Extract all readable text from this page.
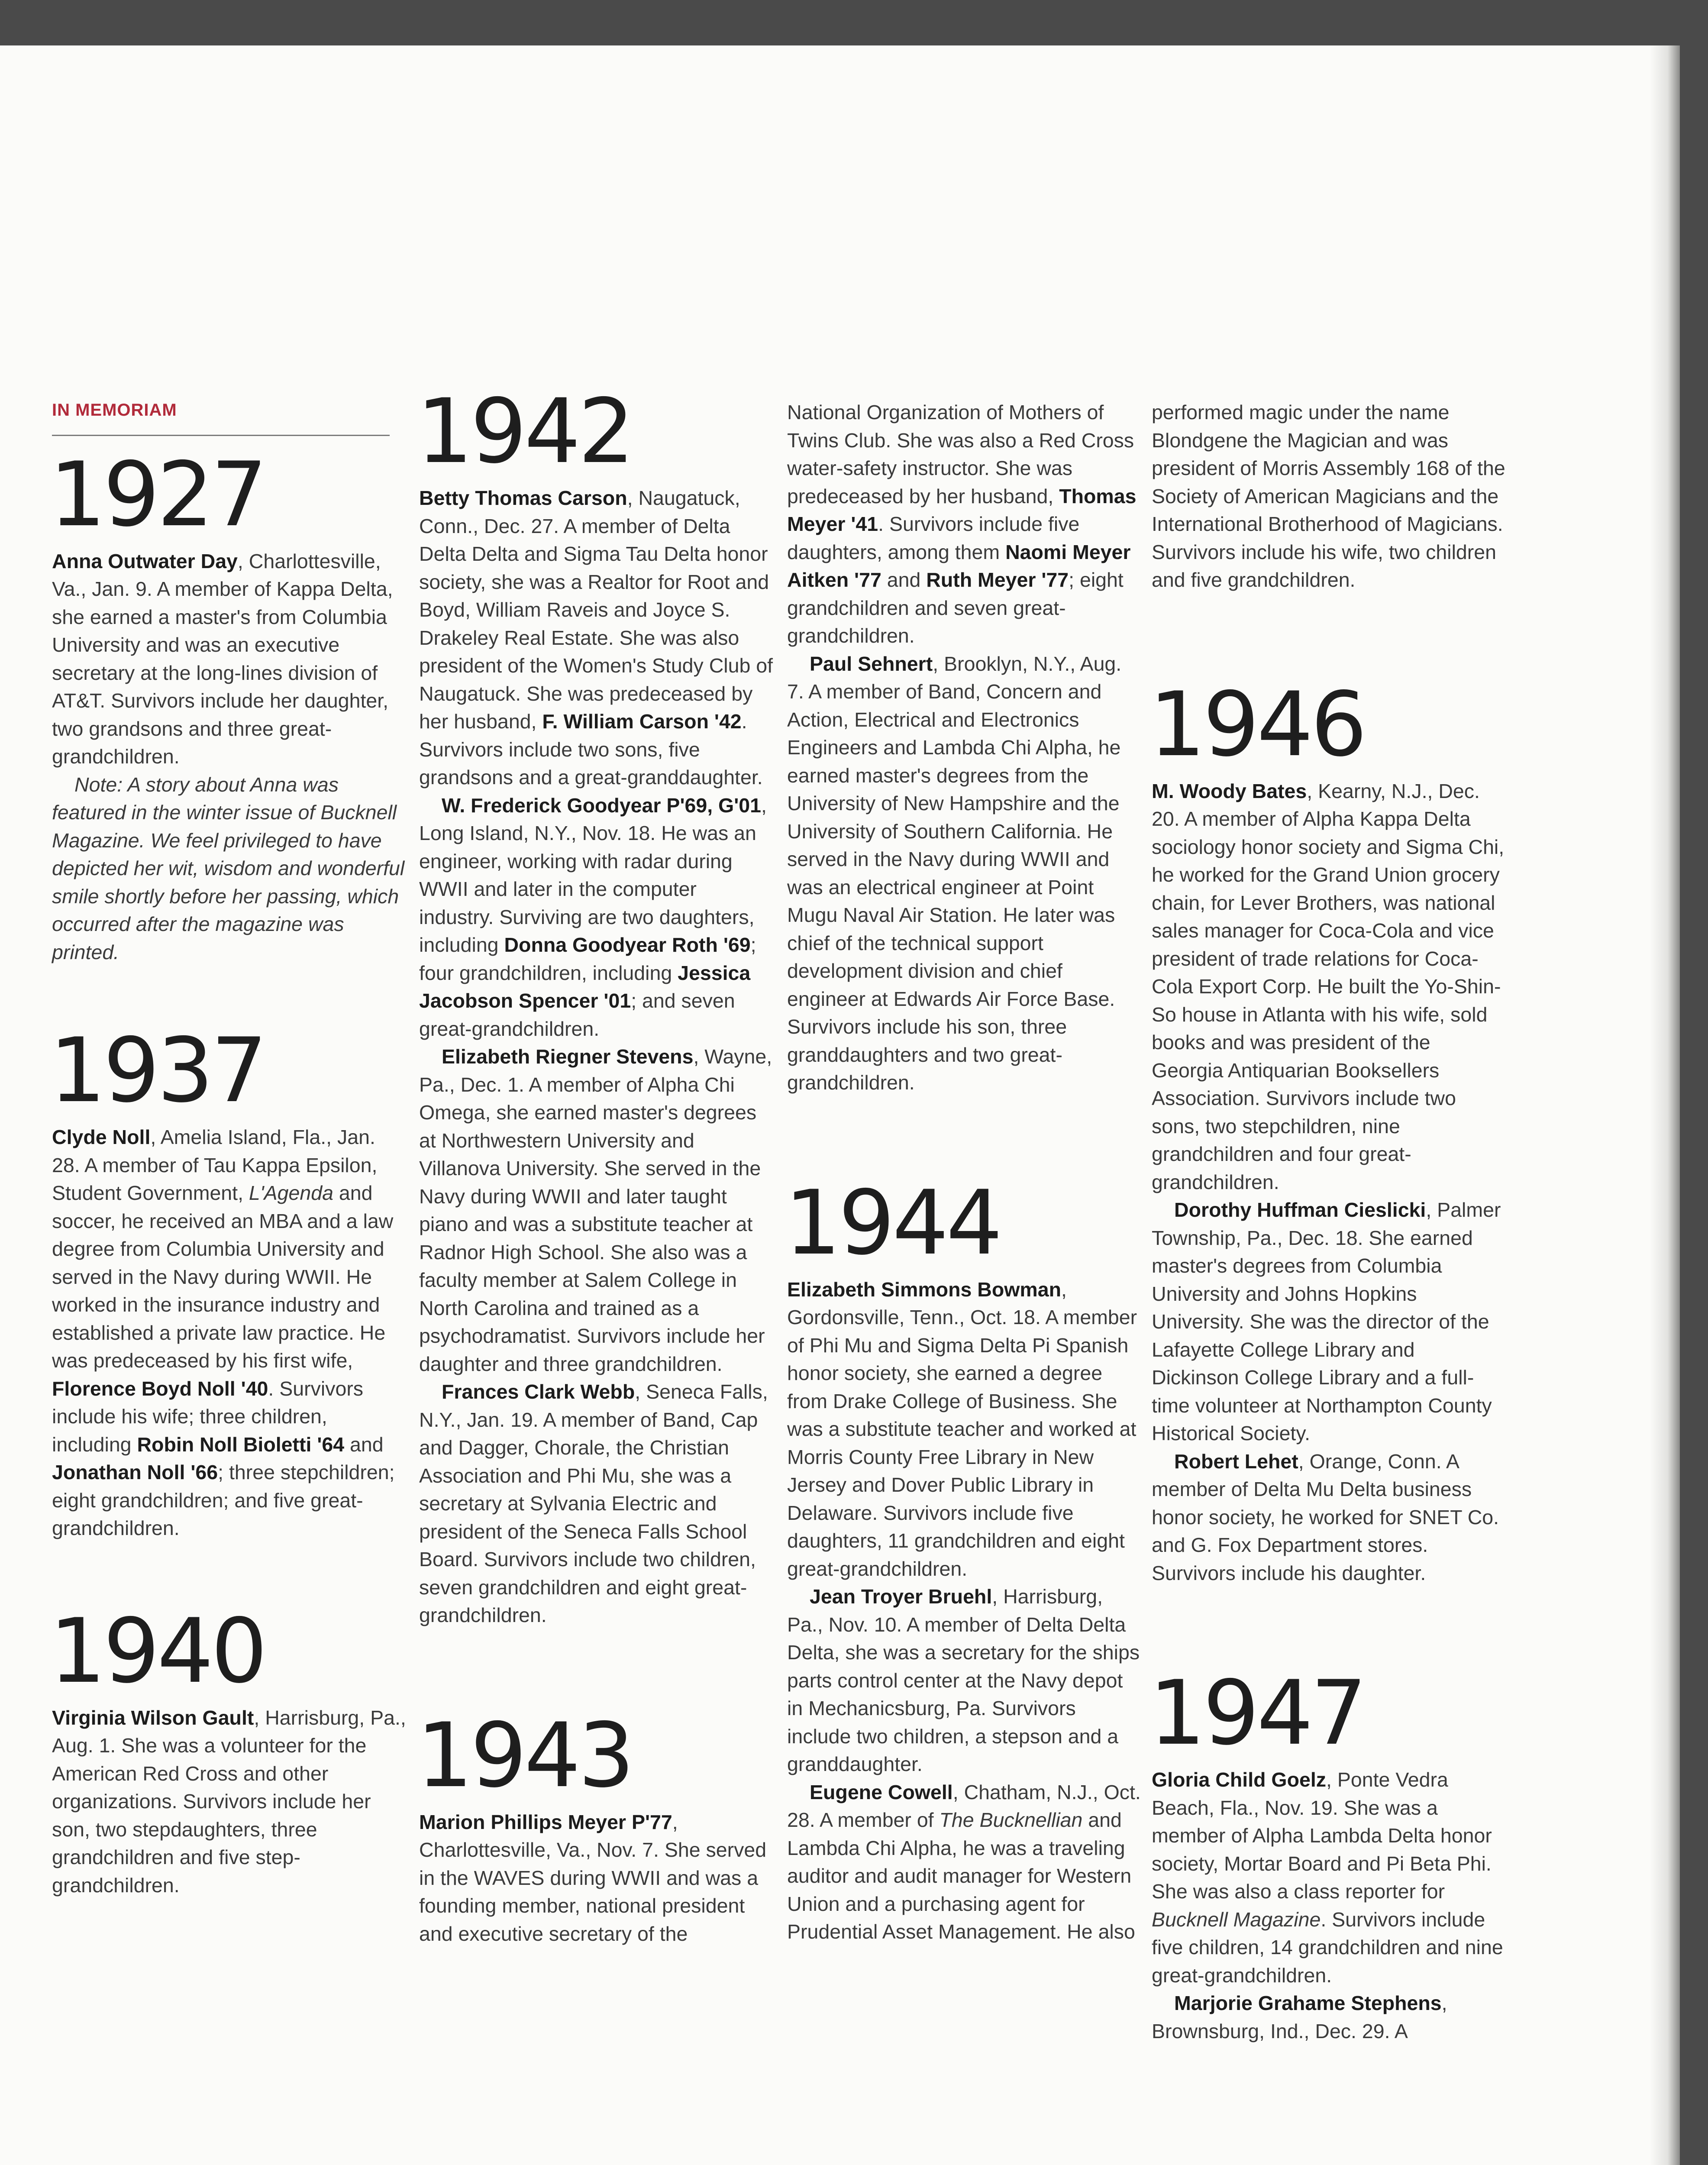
IN MEMORIAM
1927

Anna Outwater Day, Charlottesville, Va., Jan. 9. A member of Kappa Delta, she earned a master's from Columbia University and was an executive secretary at the long-lines division of AT&T. Survivors include her daughter, two grandsons and three great-grandchildren.

Note: A story about Anna was featured in the winter issue of Bucknell Magazine. We feel privileged to have depicted her wit, wisdom and wonderful smile shortly before her passing, which occurred after the magazine was printed.

1937

Clyde Noll, Amelia Island, Fla., Jan. 28. A member of Tau Kappa Epsilon, Student Government, L'Agenda and soccer, he received an MBA and a law degree from Columbia University and served in the Navy during WWII. He worked in the insurance industry and established a private law practice. He was predeceased by his first wife, Florence Boyd Noll '40. Survivors include his wife; three children, including Robin Noll Bioletti '64 and Jonathan Noll '66; three stepchildren; eight grandchildren; and five great-grandchildren.

1940

Virginia Wilson Gault, Harrisburg, Pa., Aug. 1. She was a volunteer for the American Red Cross and other organizations. Survivors include her son, two stepdaughters, three grandchildren and five step-grandchildren.

1942

Betty Thomas Carson, Naugatuck, Conn., Dec. 27. A member of Delta Delta Delta and Sigma Tau Delta honor society, she was a Realtor for Root and Boyd, William Raveis and Joyce S. Drakeley Real Estate. She was also president of the Women's Study Club of Naugatuck. She was predeceased by her husband, F. William Carson '42. Survivors include two sons, five grandsons and a great-granddaughter.

W. Frederick Goodyear P'69, G'01, Long Island, N.Y., Nov. 18. He was an engineer, working with radar during WWII and later in the computer industry. Surviving are two daughters, including Donna Goodyear Roth '69; four grandchildren, including Jessica Jacobson Spencer '01; and seven great-grandchildren.

Elizabeth Riegner Stevens, Wayne, Pa., Dec. 1. A member of Alpha Chi Omega, she earned master's degrees at Northwestern University and Villanova University. She served in the Navy during WWII and later taught piano and was a substitute teacher at Radnor High School. She also was a faculty member at Salem College in North Carolina and trained as a psychodramatist. Survivors include her daughter and three grandchildren.

Frances Clark Webb, Seneca Falls, N.Y., Jan. 19. A member of Band, Cap and Dagger, Chorale, the Christian Association and Phi Mu, she was a secretary at Sylvania Electric and president of the Seneca Falls School Board. Survivors include two children, seven grandchildren and eight great-grandchildren.

1943

Marion Phillips Meyer P'77, Charlottesville, Va., Nov. 7. She served in the WAVES during WWII and was a founding member, national president and executive secretary of the

National Organization of Mothers of Twins Club. She was also a Red Cross water-safety instructor. She was predeceased by her husband, Thomas Meyer '41. Survivors include five daughters, among them Naomi Meyer Aitken '77 and Ruth Meyer '77; eight grandchildren and seven great-grandchildren.

Paul Sehnert, Brooklyn, N.Y., Aug. 7. A member of Band, Concern and Action, Electrical and Electronics Engineers and Lambda Chi Alpha, he earned master's degrees from the University of New Hampshire and the University of Southern California. He served in the Navy during WWII and was an electrical engineer at Point Mugu Naval Air Station. He later was chief of the technical support development division and chief engineer at Edwards Air Force Base. Survivors include his son, three granddaughters and two great-grandchildren.

1944

Elizabeth Simmons Bowman, Gordonsville, Tenn., Oct. 18. A member of Phi Mu and Sigma Delta Pi Spanish honor society, she earned a degree from Drake College of Business. She was a substitute teacher and worked at Morris County Free Library in New Jersey and Dover Public Library in Delaware. Survivors include five daughters, 11 grandchildren and eight great-grandchildren.

Jean Troyer Bruehl, Harrisburg, Pa., Nov. 10. A member of Delta Delta Delta, she was a secretary for the ships parts control center at the Navy depot in Mechanicsburg, Pa. Survivors include two children, a stepson and a granddaughter.

Eugene Cowell, Chatham, N.J., Oct. 28. A member of The Bucknellian and Lambda Chi Alpha, he was a traveling auditor and audit manager for Western Union and a purchasing agent for Prudential Asset Management. He also

performed magic under the name Blondgene the Magician and was president of Morris Assembly 168 of the Society of American Magicians and the International Brotherhood of Magicians. Survivors include his wife, two children and five grandchildren.

1946

M. Woody Bates, Kearny, N.J., Dec. 20. A member of Alpha Kappa Delta sociology honor society and Sigma Chi, he worked for the Grand Union grocery chain, for Lever Brothers, was national sales manager for Coca-Cola and vice president of trade relations for Coca-Cola Export Corp. He built the Yo-Shin-So house in Atlanta with his wife, sold books and was president of the Georgia Antiquarian Booksellers Association. Survivors include two sons, two stepchildren, nine grandchildren and four great-grandchildren.

Dorothy Huffman Cieslicki, Palmer Township, Pa., Dec. 18. She earned master's degrees from Columbia University and Johns Hopkins University. She was the director of the Lafayette College Library and Dickinson College Library and a full-time volunteer at Northampton County Historical Society.

Robert Lehet, Orange, Conn. A member of Delta Mu Delta business honor society, he worked for SNET Co. and G. Fox Department stores. Survivors include his daughter.

1947

Gloria Child Goelz, Ponte Vedra Beach, Fla., Nov. 19. She was a member of Alpha Lambda Delta honor society, Mortar Board and Pi Beta Phi. She was also a class reporter for Bucknell Magazine. Survivors include five children, 14 grandchildren and nine great-grandchildren.

Marjorie Grahame Stephens, Brownsburg, Ind., Dec. 29. A
